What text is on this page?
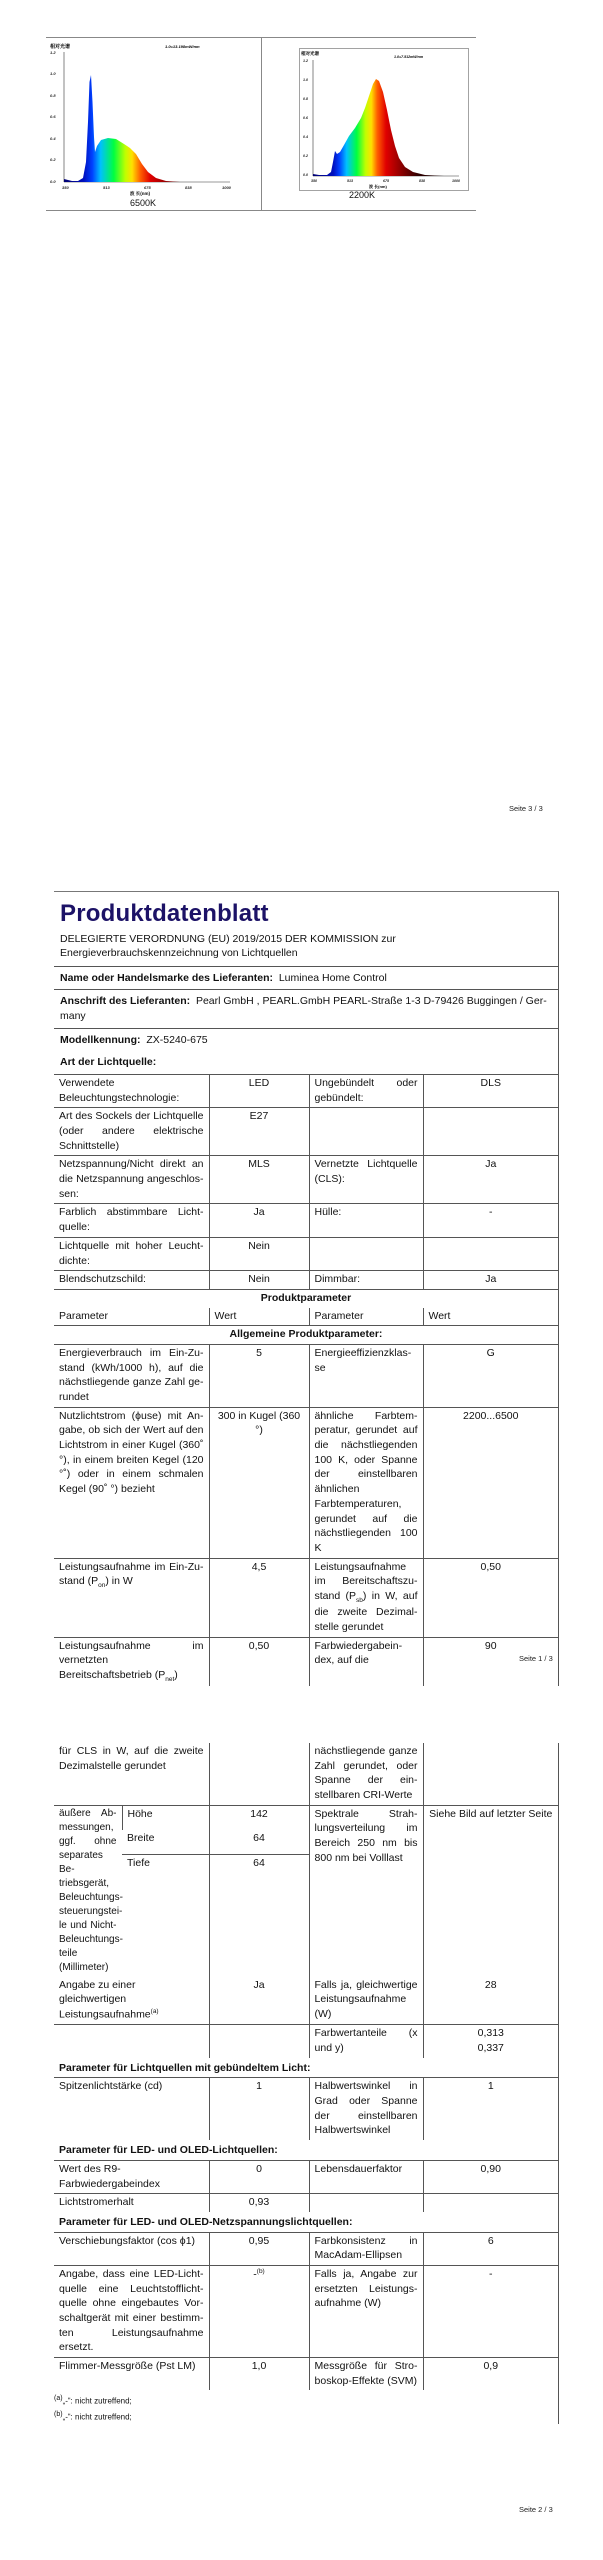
相对光谱	1.0=13.198mW/nm
1.2
1.0
0.8
0.6
0.4
0.2
0.0
350	513	675	838	1000
波 长(nm)
6500K
相对光谱
1.0=7.512mW/nm
1.2
1.0
0.8
0.6
0.4
0.2
0.0
350	513	675	838	1000
波 长(nm)
2200K
Seite 3 / 3
Produktdatenblatt

DELEGIERTE VERORDNUNG (EU) 2019/2015 DER KOMMISSION zur Energieverbrauchskennzeichnung von Lichtquellen

Name oder Handelsmarke des Lieferanten: Luminea Home Control
Anschrift des Lieferanten: Pearl GmbH , PEARL.GmbH PEARL-Straße 1-3 D-79426 Buggingen / Germany
Modellkennung: ZX-5240-675
Art der Lichtquelle:
Verwendete Beleuchtungstechnologie:	LED	Ungebündelt oder gebündelt:	DLS
Art des Sockels der Lichtquelle (oder andere elektrische Schnittstelle)	E27		
Netzspannung/Nicht direkt an die Netzspannung angeschlossen:	MLS	Vernetzte Lichtquelle (CLS):	Ja
Farblich abstimmbare Lichtquelle:	Ja	Hülle:	-
Lichtquelle mit hoher Leuchtdichte:	Nein		
Blendschutzschild:	Nein	Dimmbar:	Ja
Produktparameter			
Parameter	Wert	Parameter	Wert
Allgemeine Produktparameter:			
Energieverbrauch im Ein-Zustand (kWh/1000 h), auf die nächstliegende ganze Zahl gerundet	5	Energieeffizienzklasse	G
Nutzlichtstrom (ϕuse) mit Angabe, ob sich der Wert auf den Lichtstrom in einer Kugel (360˚ °), in einem breiten Kegel (120 °˚) oder in einem schmalen Kegel (90˚ °) bezieht	300 in Kugel (360 °)	ähnliche Farbtemperatur, gerundet auf die nächstliegenden 100 K, oder Spanne der einstellbaren ähnlichen Farbtemperaturen, gerundet auf die nächstliegenden 100 K	2200...6500
Leistungsaufnahme im Ein-Zustand $(P_{on})$ in W	4,5	Leistungsaufnahme im Bereitschaftszustand $(P_{sb})$ in W, auf die zweite Dezimalstelle gerundet	0,50
Leistungsaufnahme im vernetzten Bereitschaftsbetrieb $(P_{net})$	0,50	Farbwiedergabeindex, auf die	90
Seite 1 / 3
für CLS in W, auf die zweite Dezimalstelle gerundet			nächstliegende ganze Zahl gerundet, oder Spanne der einstellbaren CRI-Werte	
äußere Abmessungen, ggf. ohne separates Betriebsgerät, Beleuchtungssteuerungsteile und Nicht-Beleuchtungsteile (Millimeter)	Höhe	142	Spektrale Strahlungsverteilung im Bereich 250 nm bis 800 nm bei Volllast	Siehe Bild auf letzter Seite
	Breite	64		
	Tiefe	64		
Angabe zu einer gleichwertigen Leistungsaufnahme$^{(a)}$		Ja	Falls ja, gleichwertige Leistungsaufnahme (W)	28
			Farbwertanteile (x und y)	0,313
0,337
Parameter für Lichtquellen mit gebündeltem Licht:				
Spitzenlichtstärke (cd)		1	Halbwertswinkel in Grad oder Spanne der einstellbaren Halbwertswinkel	1
Parameter für LED- und OLED-Lichtquellen:				
Wert des R9-Farbwiedergabeindex		0	Lebensdauerfaktor	0,90
Lichtstromerhalt		0,93		
Parameter für LED- und OLED-Netzspannungslichtquellen:				
Verschiebungsfaktor (cos ϕ1)		0,95	Farbkonsistenz in MacAdam-Ellipsen	6
Angabe, dass eine LED-Lichtquelle eine Leuchtstofflichtquelle ohne eingebautes Vorschaltgerät mit einer bestimmten Leistungsaufnahme ersetzt.		-$^{(b)}$	Falls ja, Angabe zur ersetzten Leistungsaufnahme (W)	-
Flimmer-Messgröße (Pst LM)		1,0	Messgröße für Stroboskop-Effekte (SVM)	0,9
$^{(a)}$„-“: nicht zutreffend;
$^{(b)}$„-“: nicht zutreffend;
Seite 2 / 3
